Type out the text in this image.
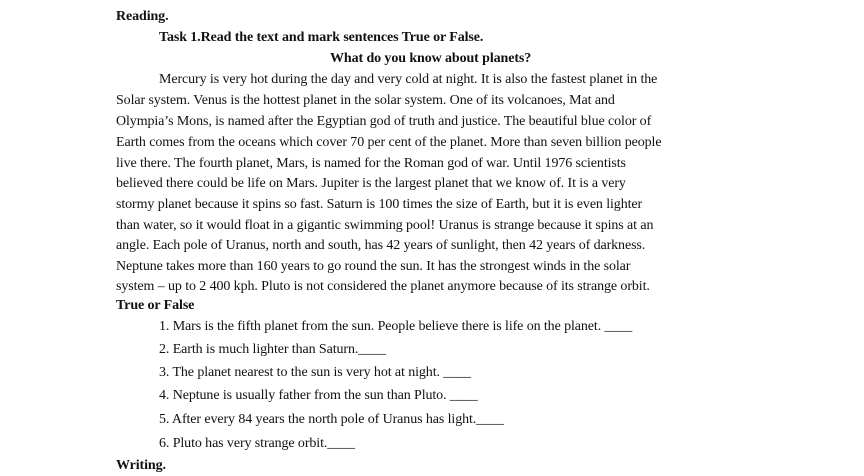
Reading.
Task 1.Read the text and mark sentences True or False.
What do you know about planets?
Mercury is very hot during the day and very cold at night. It is also the fastest planet in the
Solar system. Venus is the hottest planet in the solar system. One of its volcanoes, Mat and
Olympia’s Mons, is named after the Egyptian god of truth and justice. The beautiful blue color of
Earth comes from the oceans which cover 70 per cent of the planet. More than seven billion people
live there. The fourth planet, Mars, is named for the Roman god of war. Until 1976 scientists
believed there could be life on Mars. Jupiter is the largest planet that we know of. It is a very
stormy planet because it spins so fast. Saturn is 100 times the size of Earth, but it is even lighter
than water, so it would float in a gigantic swimming pool! Uranus is strange because it spins at an
angle. Each pole of Uranus, north and south, has 42 years of sunlight, then 42 years of darkness.
Neptune takes more than 160 years to go round the sun. It has the strongest winds in the solar
system – up to 2 400 kph. Pluto is not considered the planet anymore because of its strange orbit.
True or False
1. Mars is the fifth planet from the sun. People believe there is life on the planet. ____
2. Earth is much lighter than Saturn.____
3. The planet nearest to the sun is very hot at night. ____
4. Neptune is usually father from the sun than Pluto. ____
5. After every 84 years the north pole of Uranus has light.____
6. Pluto has very strange orbit.____
Writing.
